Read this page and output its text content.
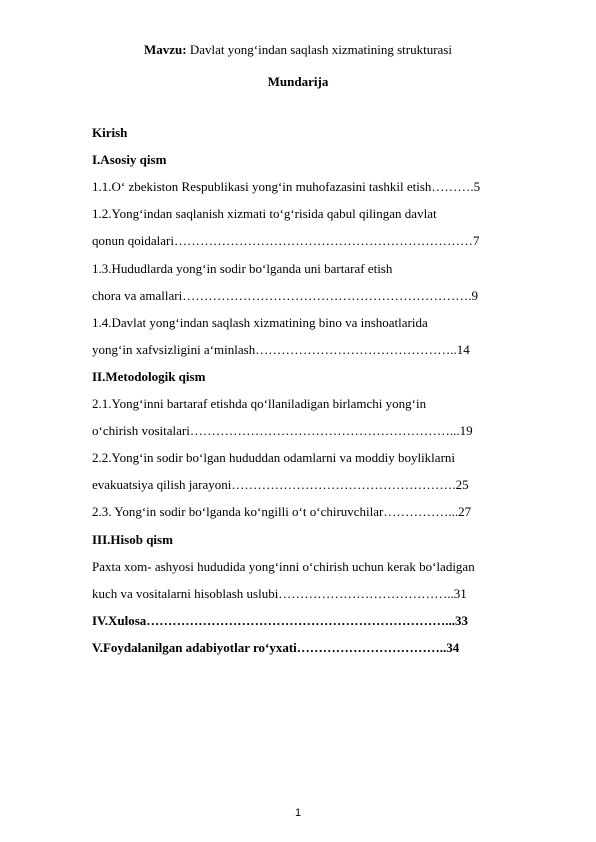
Mavzu: Davlat yong‘indan saqlash xizmatining strukturasi
Mundarija
Kirish
I.Asosiy qism
1.1.O‘ zbekiston Respublikasi yong‘in muhofazasini tashkil etish……….5
1.2.Yong‘indan saqlanish xizmati to‘g‘risida qabul qilingan davlat
qonun qoidalari……………………………………………………………7
1.3.Hududlarda yong‘in sodir bo‘lganda uni bartaraf etish
chora va amallari………………………………………………………….9
1.4.Davlat yong‘indan saqlash xizmatining bino va inshoatlarida
yong‘in xafvsizligini a‘minlash………………………………………..14
II.Metodologik qism
2.1.Yong‘inni bartaraf etishda qo‘llaniladigan birlamchi yong‘in
o‘chirish vositalari……………………………………………………...19
2.2.Yong‘in sodir bo‘lgan hududdan odamlarni va moddiy boyliklarni
evakuatsiya qilish jarayoni…………………………………………….25
2.3. Yong‘in sodir bo‘lganda ko‘ngilli o‘t o‘chiruvchilar……………...27
III.Hisob qism
Paxta xom- ashyosi hududida yong‘inni o‘chirish uchun kerak bo‘ladigan
kuch va vositalarni hisoblash uslubi…………………………………..31
IV.Xulosa……………………………………………………………...33
V.Foydalanilgan adabiyotlar ro‘yxati……………………………..34
1
